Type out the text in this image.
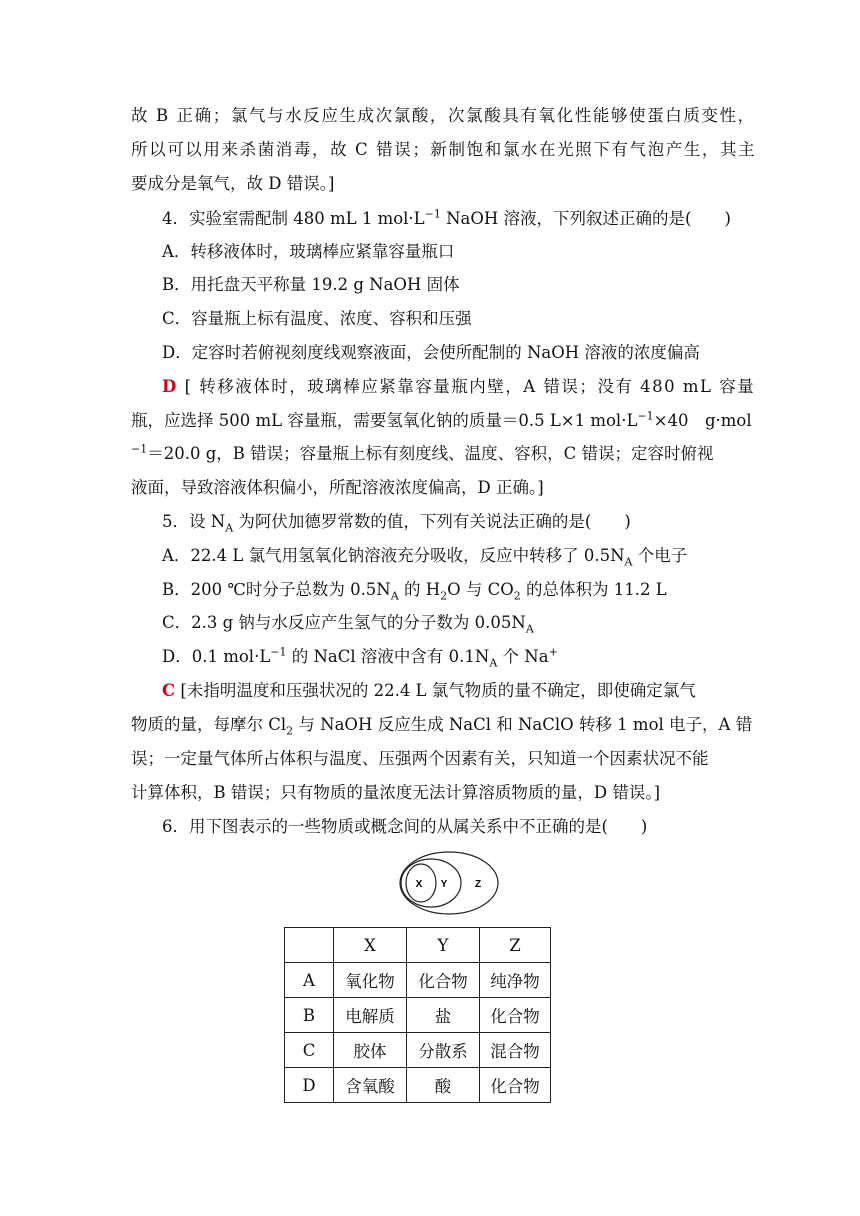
故 B 正确；氯气与水反应生成次氯酸，次氯酸具有氧化性能够使蛋白质变性，
所以可以用来杀菌消毒，故 C 错误；新制饱和氯水在光照下有气泡产生，其主
要成分是氧气，故 D 错误。]
4．实验室需配制 480 mL 1 $mol\cdot L^{-1}$ NaOH 溶液，下列叙述正确的是(　　)
A．转移液体时，玻璃棒应紧靠容量瓶口
B．用托盘天平称量 19.2 g NaOH 固体
C．容量瓶上标有温度、浓度、容积和压强
D．定容时若俯视刻度线观察液面，会使所配制的 NaOH 溶液的浓度偏高
D [ 转移液体时，玻璃棒应紧靠容量瓶内壁，A 错误；没有 480 mL 容量
瓶，应选择 500 mL 容量瓶，需要氢氧化钠的质量＝0.5 L×1 $mol\cdot L^{-1}\times 40$　g·mol
$^{-1}$＝20.0 g，B 错误；容量瓶上标有刻度线、温度、容积，C 错误；定容时俯视
液面，导致溶液体积偏小，所配溶液浓度偏高，D 正确。]
5．设 $N_A$ 为阿伏加德罗常数的值，下列有关说法正确的是(　　)
A．22.4 L 氯气用氢氧化钠溶液充分吸收，反应中转移了 $0.5N_A$ 个电子
B．200 ℃时分子总数为 $0.5N_A$ 的 $H_2O$ 与 $CO_2$ 的总体积为 11.2 L
C．2.3 g 钠与水反应产生氢气的分子数为 $0.05N_A$
D．0.1 $mol\cdot L^{-1}$ 的 NaCl 溶液中含有 $0.1N_A$ 个 Na+
C [未指明温度和压强状况的 22.4 L 氯气物质的量不确定，即使确定氯气
物质的量，每摩尔 $Cl_2$ 与 NaOH 反应生成 NaCl 和 NaClO 转移 1 mol 电子，A 错
误；一定量气体所占体积与温度、压强两个因素有关，只知道一个因素状况不能
计算体积，B 错误；只有物质的量浓度无法计算溶质物质的量，D 错误。]
6．用下图表示的一些物质或概念间的从属关系中不正确的是(　　)
X Y	Z
	X	Y	Z
A	氧化物	化合物	纯净物
B	电解质	盐	化合物
C	胶体	分散系	混合物
D	含氧酸	酸	化合物
